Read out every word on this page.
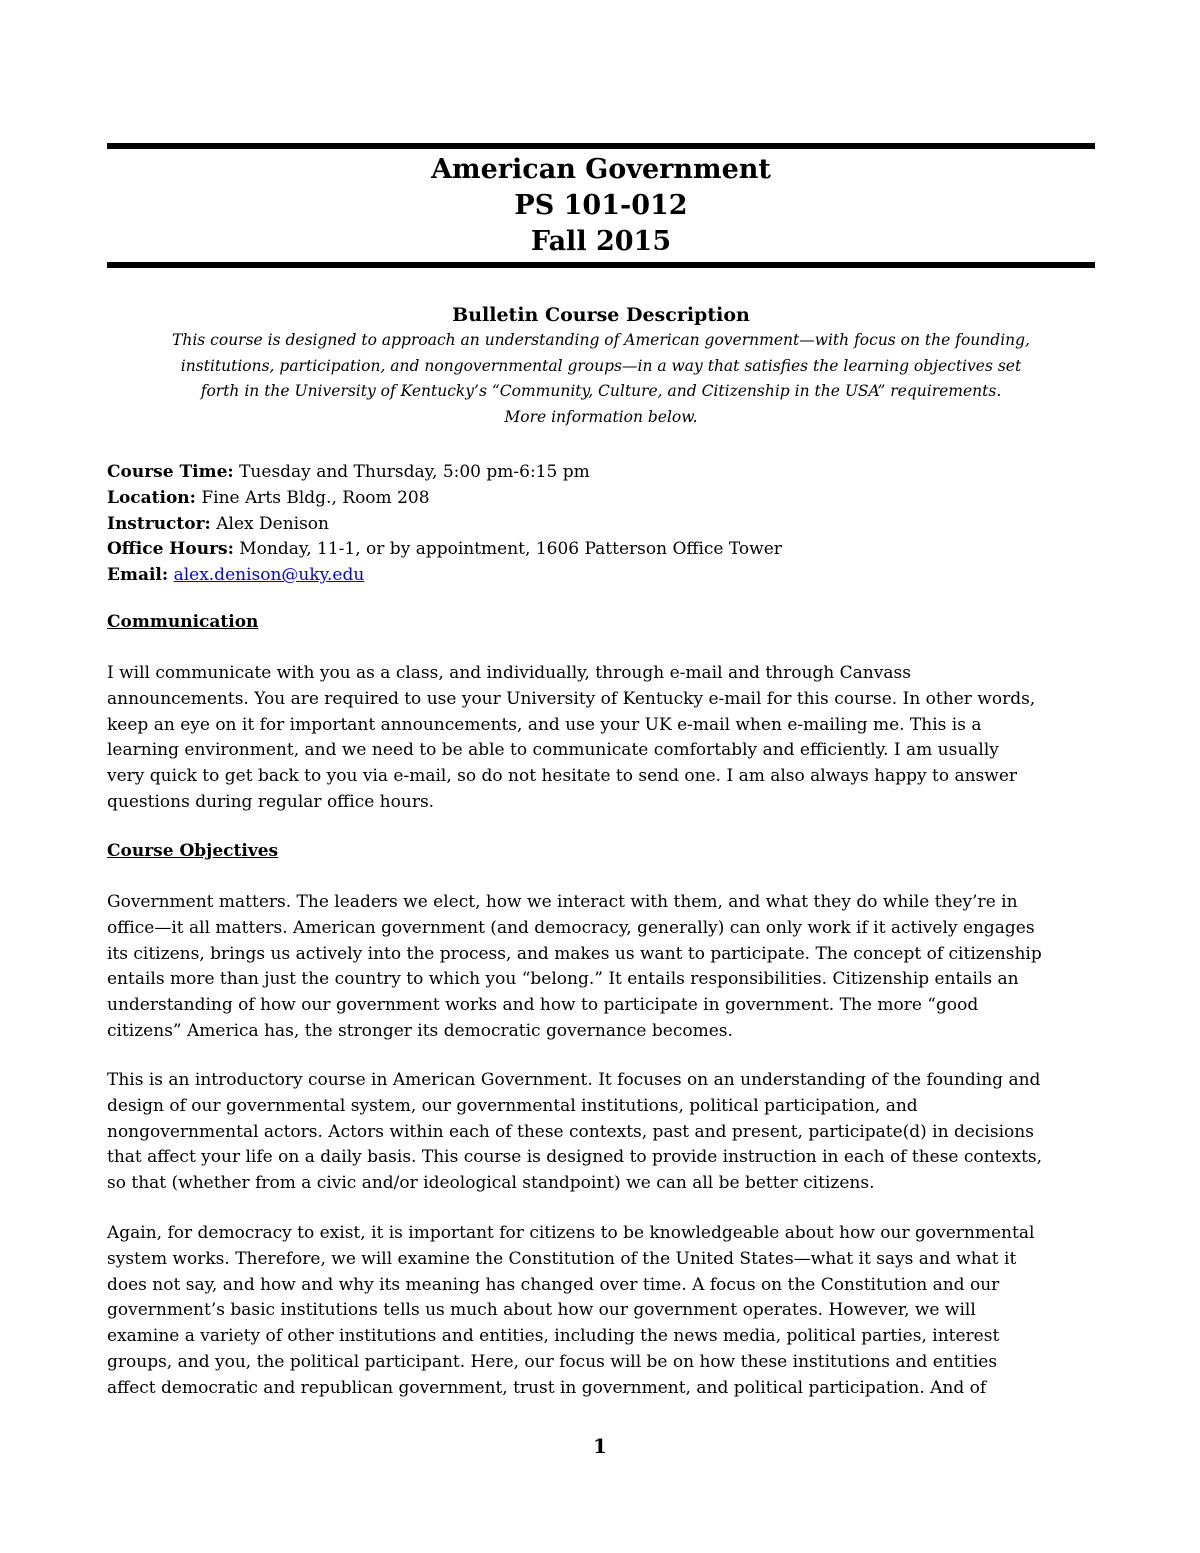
American Government
PS 101-012
Fall 2015
Bulletin Course Description
This course is designed to approach an understanding of American government—with focus on the founding,
institutions, participation, and nongovernmental groups—in a way that satisfies the learning objectives set
forth in the University of Kentucky’s “Community, Culture, and Citizenship in the USA” requirements.
More information below.
Course Time: Tuesday and Thursday, 5:00 pm-6:15 pm
Location: Fine Arts Bldg., Room 208
Instructor: Alex Denison
Office Hours: Monday, 11-1, or by appointment, 1606 Patterson Office Tower
Email: alex.denison@uky.edu
Communication
I will communicate with you as a class, and individually, through e-mail and through Canvass
announcements. You are required to use your University of Kentucky e-mail for this course. In other words,
keep an eye on it for important announcements, and use your UK e-mail when e-mailing me. This is a
learning environment, and we need to be able to communicate comfortably and efficiently. I am usually
very quick to get back to you via e-mail, so do not hesitate to send one. I am also always happy to answer
questions during regular office hours.
Course Objectives
Government matters. The leaders we elect, how we interact with them, and what they do while they’re in
office—it all matters. American government (and democracy, generally) can only work if it actively engages
its citizens, brings us actively into the process, and makes us want to participate. The concept of citizenship
entails more than just the country to which you “belong.” It entails responsibilities. Citizenship entails an
understanding of how our government works and how to participate in government. The more “good
citizens” America has, the stronger its democratic governance becomes.
This is an introductory course in American Government. It focuses on an understanding of the founding and
design of our governmental system, our governmental institutions, political participation, and
nongovernmental actors. Actors within each of these contexts, past and present, participate(d) in decisions
that affect your life on a daily basis. This course is designed to provide instruction in each of these contexts,
so that (whether from a civic and/or ideological standpoint) we can all be better citizens.
Again, for democracy to exist, it is important for citizens to be knowledgeable about how our governmental
system works. Therefore, we will examine the Constitution of the United States—what it says and what it
does not say, and how and why its meaning has changed over time. A focus on the Constitution and our
government’s basic institutions tells us much about how our government operates. However, we will
examine a variety of other institutions and entities, including the news media, political parties, interest
groups, and you, the political participant. Here, our focus will be on how these institutions and entities
affect democratic and republican government, trust in government, and political participation. And of
1
